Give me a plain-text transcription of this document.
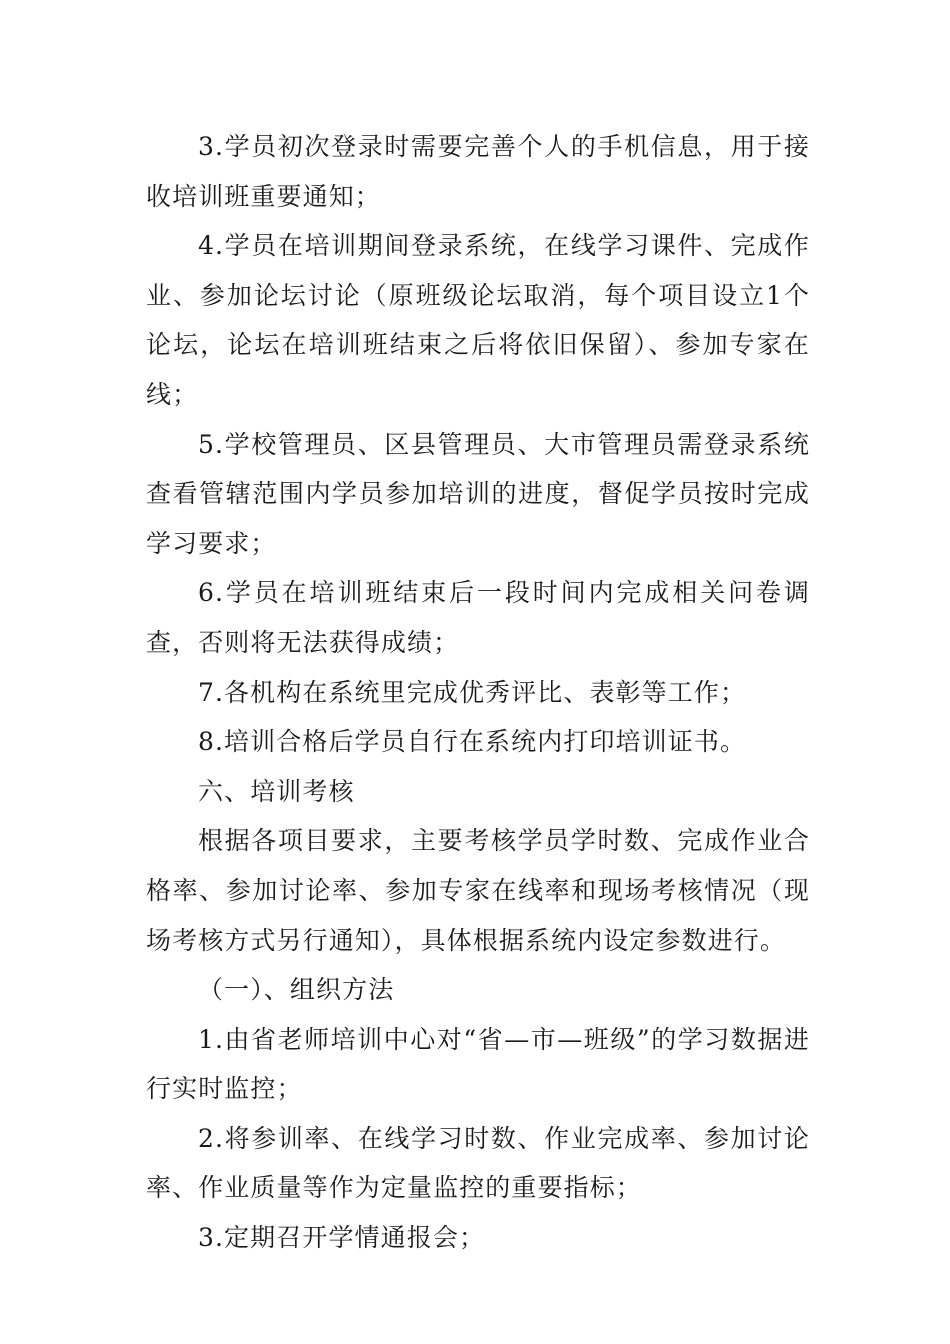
3.学员初次登录时需要完善个人的手机信息，用于接收培训班重要通知；

4.学员在培训期间登录系统，在线学习课件、完成作业、参加论坛讨论（原班级论坛取消，每个项目设立1个论坛，论坛在培训班结束之后将依旧保留）、参加专家在线；

5.学校管理员、区县管理员、大市管理员需登录系统查看管辖范围内学员参加培训的进度，督促学员按时完成学习要求；

6.学员在培训班结束后一段时间内完成相关问卷调查，否则将无法获得成绩；

7.各机构在系统里完成优秀评比、表彰等工作；

8.培训合格后学员自行在系统内打印培训证书。

六、培训考核

根据各项目要求，主要考核学员学时数、完成作业合格率、参加讨论率、参加专家在线率和现场考核情况（现场考核方式另行通知），具体根据系统内设定参数进行。

（一）、组织方法

1.由省老师培训中心对“省—市—班级”的学习数据进行实时监控；

2.将参训率、在线学习时数、作业完成率、参加讨论率、作业质量等作为定量监控的重要指标；

3.定期召开学情通报会；
